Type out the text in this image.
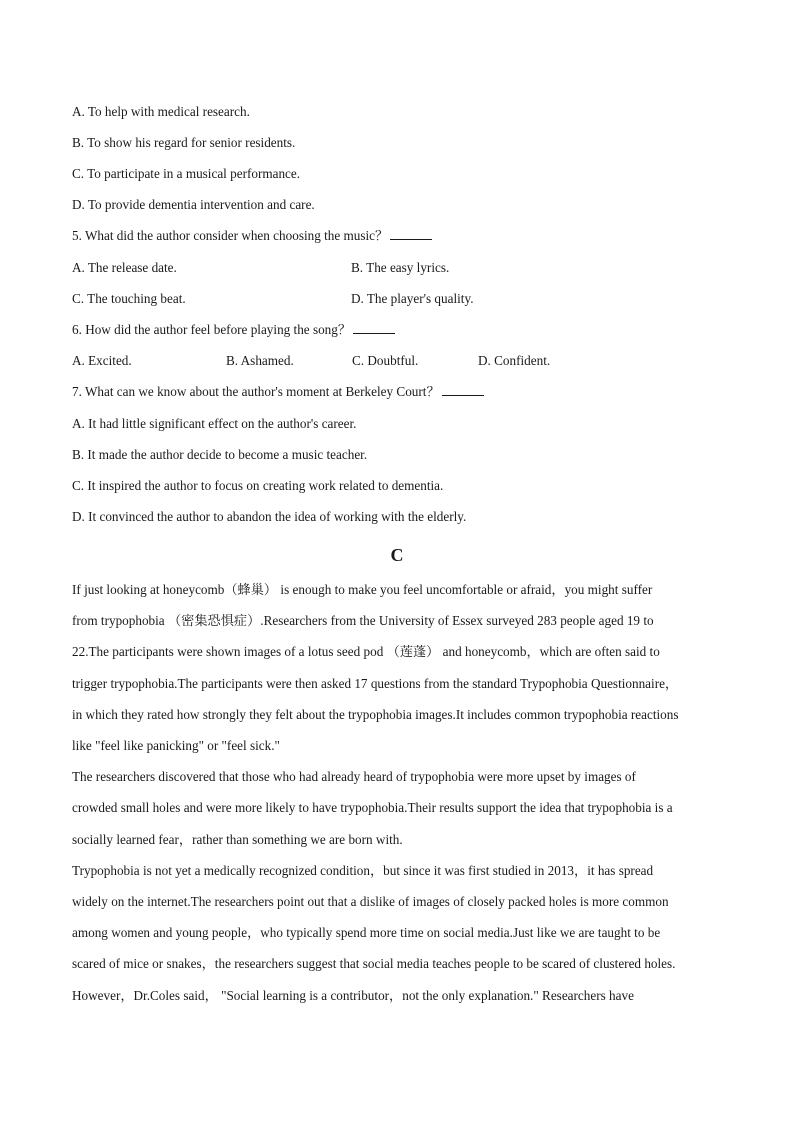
A. To help with medical research.
B. To show his regard for senior residents.
C. To participate in a musical performance.
D. To provide dementia intervention and care.
5. What did the author consider when choosing the music？
A. The release date.	B. The easy lyrics.
C. The touching beat.	D. The player's quality.
6. How did the author feel before playing the song？
A. Excited.	B. Ashamed.	C. Doubtful.	D. Confident.
7. What can we know about the author's moment at Berkeley Court？
A. It had little significant effect on the author's career.
B. It made the author decide to become a music teacher.
C. It inspired the author to focus on creating work related to dementia.
D. It convinced the author to abandon the idea of working with the elderly.
C
If just looking at honeycomb（蜂巢） is enough to make you feel uncomfortable or afraid，you might suffer
from trypophobia （密集恐惧症）.Researchers from the University of Essex surveyed 283 people aged 19 to
22.The participants were shown images of a lotus seed pod （莲蓬） and honeycomb，which are often said to
trigger trypophobia.The participants were then asked 17 questions from the standard Trypophobia Questionnaire，
in which they rated how strongly they felt about the trypophobia images.It includes common trypophobia reactions
like "feel like panicking" or "feel sick."
The researchers discovered that those who had already heard of trypophobia were more upset by images of
crowded small holes and were more likely to have trypophobia.Their results support the idea that trypophobia is a
socially learned fear，rather than something we are born with.
Trypophobia is not yet a medically recognized condition，but since it was first studied in 2013，it has spread
widely on the internet.The researchers point out that a dislike of images of closely packed holes is more common
among women and young people，who typically spend more time on social media.Just like we are taught to be
scared of mice or snakes，the researchers suggest that social media teaches people to be scared of clustered holes.
However，Dr.Coles said， "Social learning is a contributor，not the only explanation." Researchers have
